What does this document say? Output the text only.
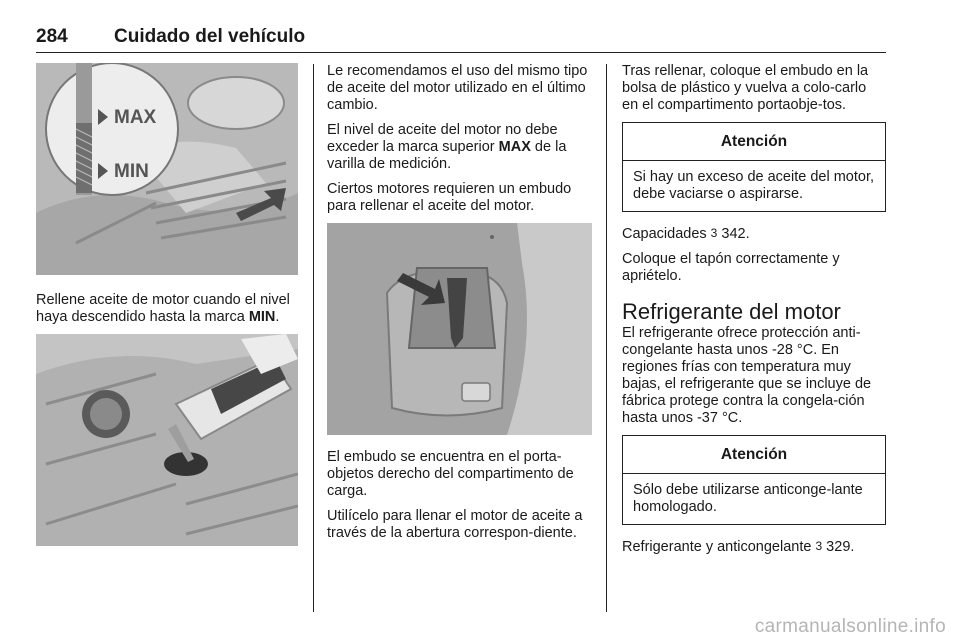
284 Cuidado del vehículo
MAX
MIN

Rellene aceite de motor cuando el nivel haya descendido hasta la marca MIN.

Le recomendamos el uso del mismo tipo de aceite del motor utilizado en el último cambio.

El nivel de aceite del motor no debe exceder la marca superior MAX de la varilla de medición.

Ciertos motores requieren un embudo para rellenar el aceite del motor.

El embudo se encuentra en el porta-objetos derecho del compartimento de carga.

Utilícelo para llenar el motor de aceite a través de la abertura correspon-diente.

Tras rellenar, coloque el embudo en la bolsa de plástico y vuelva a colo-carlo en el compartimento portaobje-tos.

Atención
Si hay un exceso de aceite del motor, debe vaciarse o aspirarse.

Capacidades 3 342.

Coloque el tapón correctamente y apriételo.

Refrigerante del motor

El refrigerante ofrece protección anti-congelante hasta unos -28 °C. En regiones frías con temperatura muy bajas, el refrigerante que se incluye de fábrica protege contra la congela-ción hasta unos -37 °C.

Atención
Sólo debe utilizarse anticonge-lante homologado.

Refrigerante y anticongelante 3 329.

carmanualsonline.info
